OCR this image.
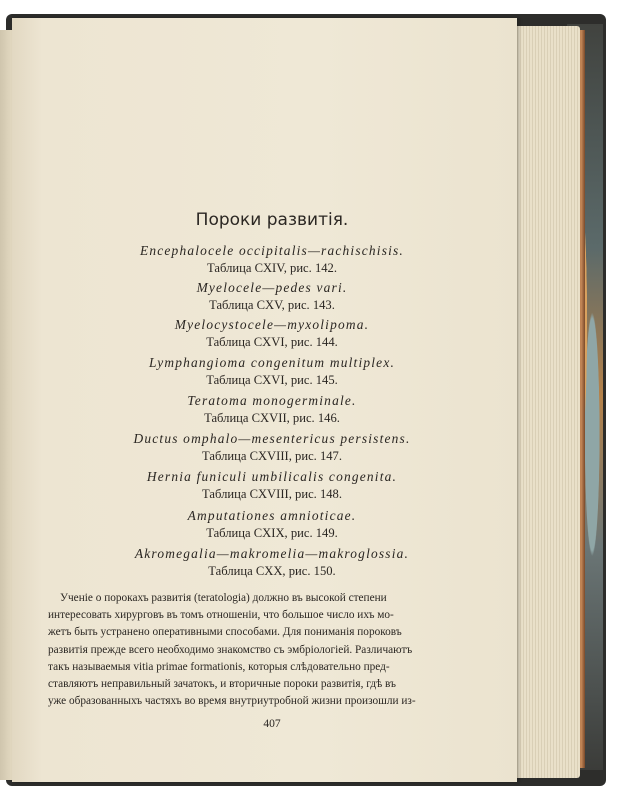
Пороки развитія.
Encephalocele occipitalis—rachischisis.
Таблица CXIV, рис. 142.
Myelocele—pedes vari.
Таблица CXV, рис. 143.
Myelocystocele—myxolipoma.
Таблица CXVI, рис. 144.
Lymphangioma congenitum multiplex.
Таблица CXVI, рис. 145.
Teratoma monogerminale.
Таблица CXVII, рис. 146.
Ductus omphalo—mesentericus persistens.
Таблица CXVIII, рис. 147.
Hernia funiculi umbilicalis congenita.
Таблица CXVIII, рис. 148.
Amputationes amnioticae.
Таблица CXIX, рис. 149.
Akromegalia—makromelia—makroglossia.
Таблица CXX, рис. 150.
Ученіе о порокахъ развитія (teratologia) должно въ высокой степени
интересовать хирурговъ въ томъ отношеніи, что большое число ихъ мо-
жетъ быть устранено оперативными способами. Для пониманія пороковъ
развитія прежде всего необходимо знакомство съ эмбріологіей. Различаютъ
такъ называемыя vitia primae formationis, которыя слѣдовательно пред-
ставляютъ неправильный зачатокъ, и вторичные пороки развитія, гдѣ въ
уже образованныхъ частяхъ во время внутриутробной жизни произошли из-
407
